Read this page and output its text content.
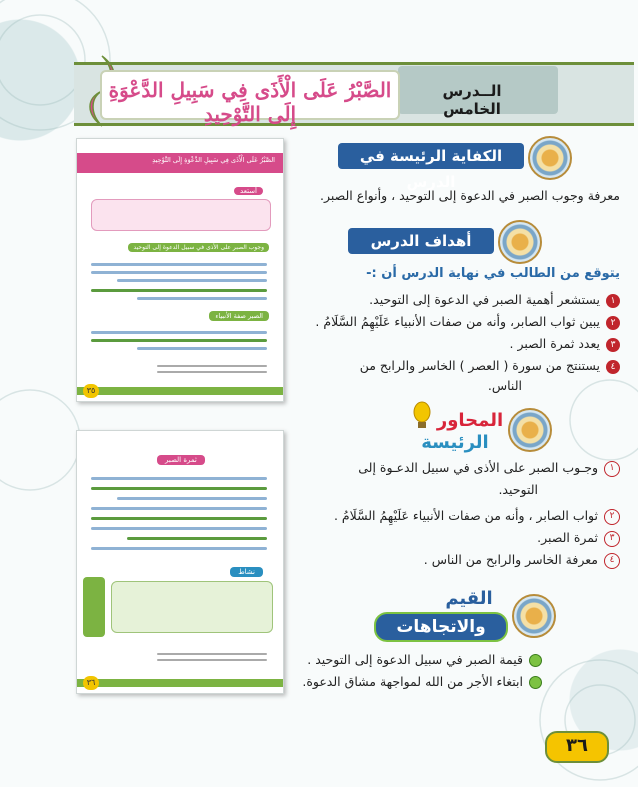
الــدرس الخامس
الصَّبْرُ عَلَى الْأَذَى فِي سَبِيلِ الدَّعْوَةِ إِلَى التَّوْحِيدِ
الصَّبْرُ عَلَى الْأَذَى فِي سَبِيلِ الدَّعْوَةِ إِلَى التَّوْحِيدِ
أستعد
وجوب الصبر على الأذى في سبيل الدعوة إلى التوحيد
الصبر صفة الأنبياء
٣٥
ثمرة الصبر
نشاط
٣٦
الكفاية الرئيسة في الدرس
معرفة وجوب الصبر في الدعوة إلى التوحيد ، وأنواع الصبر.
أهداف الدرس
يتوقع من الطالب في نهاية الدرس أن :-
١يستشعر أهمية الصبر في الدعوة إلى التوحيد.
٢يبين ثواب الصابر، وأنه من صفات الأنبياء عَلَيْهِمُ السَّلَامُ .
٣يعدد ثمرة الصبر .
٤يستنتج من سورة ( العصر ) الخاسر والرابح من
الناس.
المحاور
الرئيسة
١وجـوب الصبر على الأذى في سبيل الدعـوة إلى
التوحيد.
٢ثواب الصابر ، وأنه من صفات الأنبياء عَلَيْهِمُ السَّلَامُ .
٣ثمرة الصبر.
٤معرفة الخاسر والرابح من الناس .
القيم
والاتجاهات
قيمة الصبر في سبيل الدعوة إلى التوحيد .
ابتغاء الأجر من الله لمواجهة مشاق الدعوة.
٣٦
